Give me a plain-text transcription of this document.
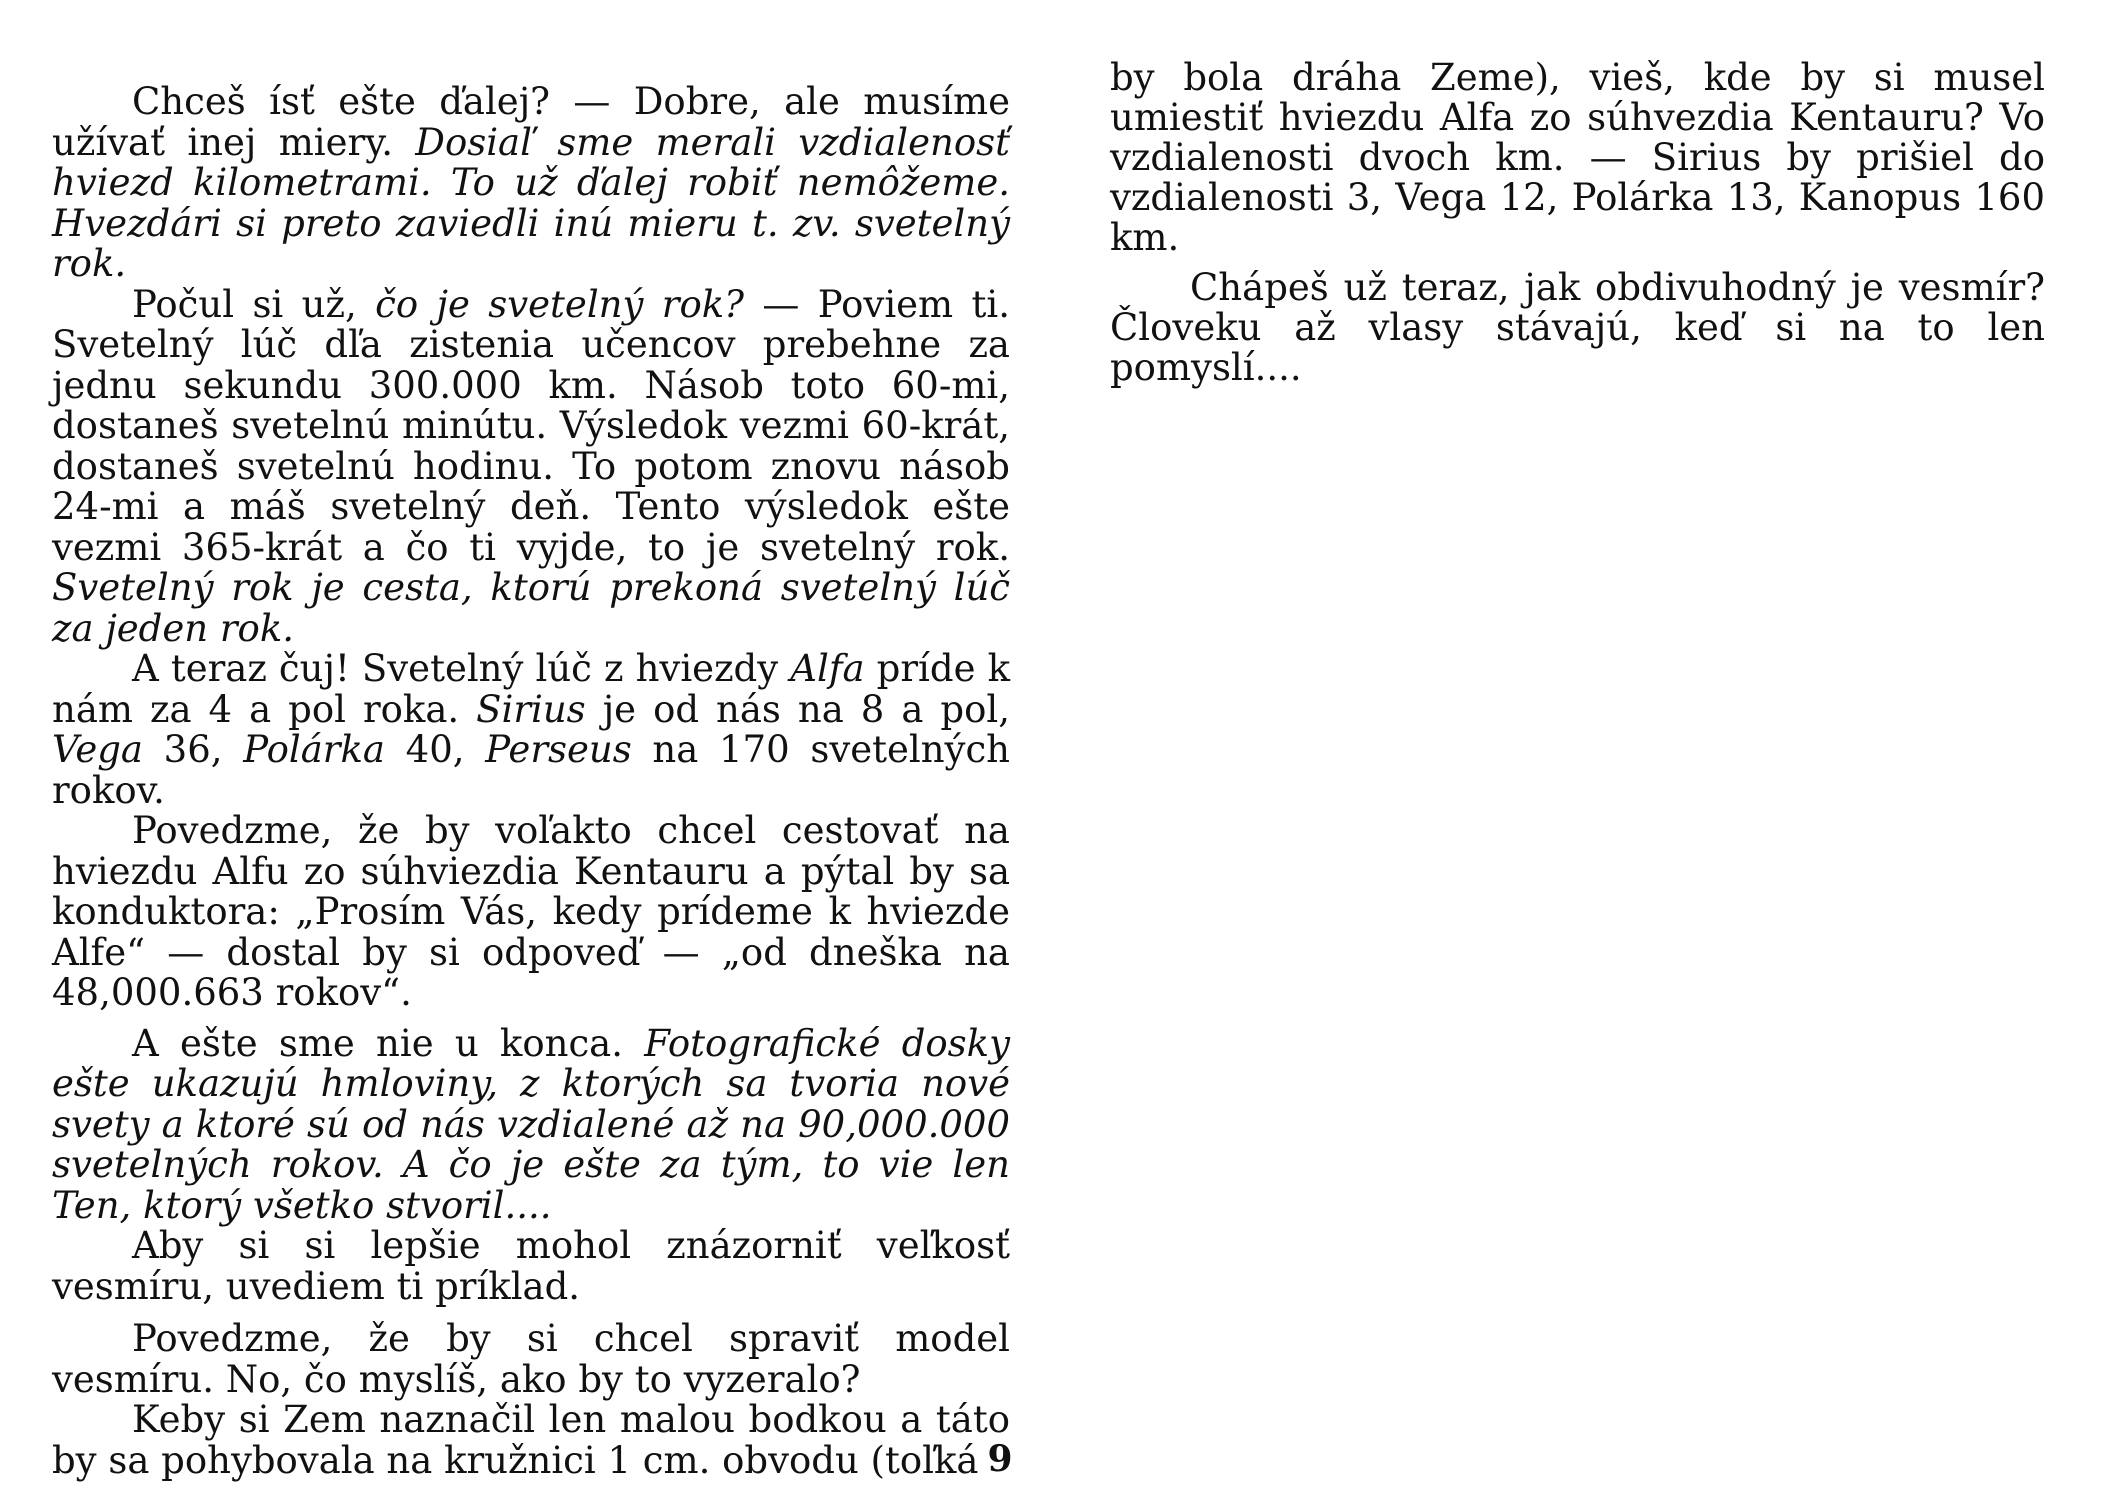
Chceš ísť ešte ďalej? — Dobre, ale musíme užívať inej miery. Dosiaľ sme merali vzdialenosť hviezd kilometrami. To už ďalej robiť nemôžeme. Hvezdári si preto zaviedli inú mieru t. zv. svetelný rok.

Počul si už, čo je svetelný rok? — Poviem ti. Svetelný lúč dľa zistenia učencov prebehne za jednu sekundu 300.000 km. Násob toto 60-mi, dostaneš svetelnú minútu. Výsledok vezmi 60-krát, dostaneš svetelnú hodinu. To potom znovu násob 24-mi a máš svetelný deň. Tento výsledok ešte vezmi 365-krát a čo ti vyjde, to je svetelný rok. Svetelný rok je cesta, ktorú prekoná svetelný lúč za jeden rok.

A teraz čuj! Svetelný lúč z hviezdy Alfa príde k nám za 4 a pol roka. Sirius je od nás na 8 a pol, Vega 36, Polárka 40, Perseus na 170 svetelných rokov.

Povedzme, že by voľakto chcel cestovať na hviezdu Alfu zo súhviezdia Kentauru a pýtal by sa konduktora: „Prosím Vás, kedy prídeme k hviezde Alfe“ — dostal by si odpoveď — „od dneška na 48,000.663 rokov“.

A ešte sme nie u konca. Fotografické dosky ešte ukazujú hmloviny, z ktorých sa tvoria nové svety a ktoré sú od nás vzdialené až na 90,000.000 svetelných rokov. A čo je ešte za tým, to vie len Ten, ktorý všetko stvoril....

Aby si si lepšie mohol znázorniť veľkosť vesmíru, uvediem ti príklad.

Povedzme, že by si chcel spraviť model vesmíru. No, čo myslíš, ako by to vyzeralo?

Keby si Zem naznačil len malou bodkou a táto by sa pohybovala na kružnici 1 cm. obvodu (toľká

by bola dráha Zeme), vieš, kde by si musel umiestiť hviezdu Alfa zo súhvezdia Kentauru? Vo vzdialenosti dvoch km. — Sirius by prišiel do vzdialenosti 3, Vega 12, Polárka 13, Kanopus 160 km.

Chápeš už teraz, jak obdivuhodný je vesmír? Človeku až vlasy stávajú, keď si na to len pomyslí....

9
